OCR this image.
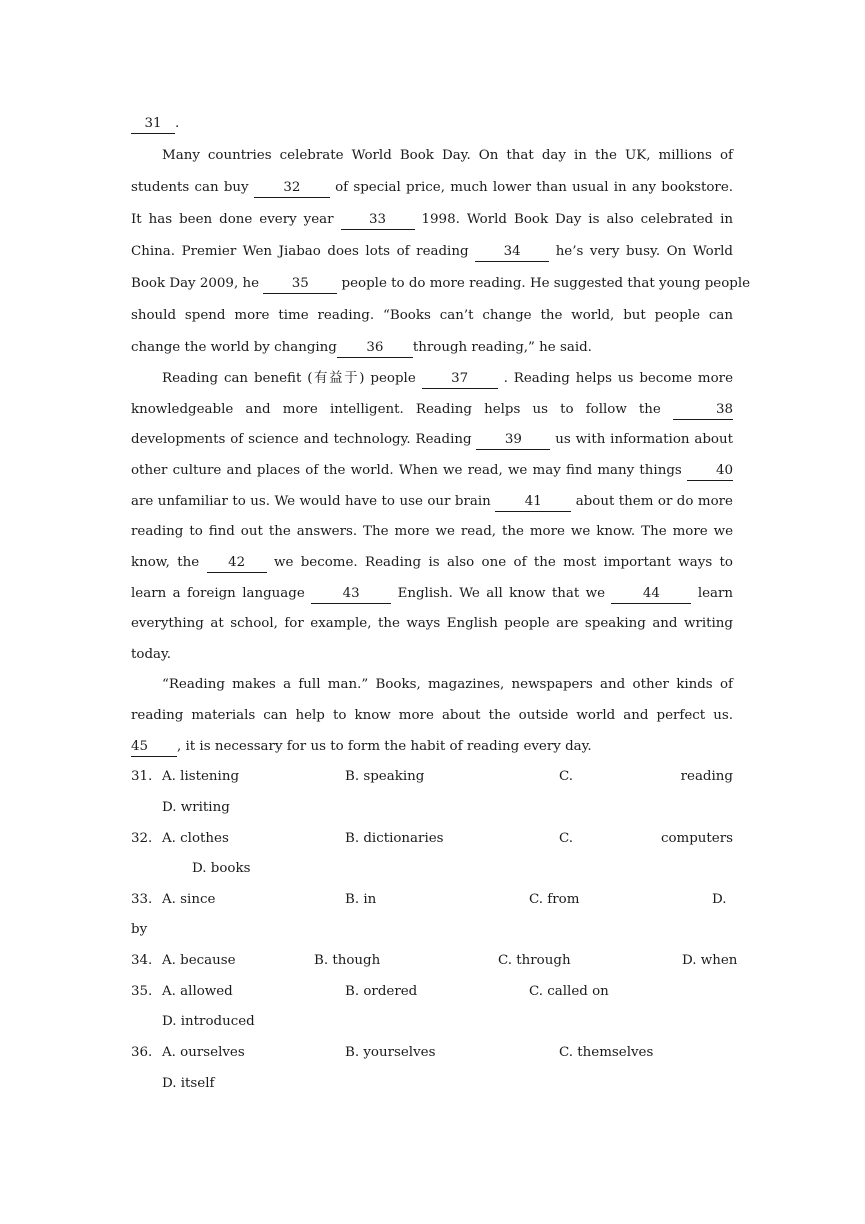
31 .
Many countries celebrate World Book Day. On that day in the UK, millions of
students can buy	32	of special price, much lower than usual in any bookstore.
It has been done every year	33	1998. World Book Day is also celebrated in
China. Premier Wen Jiabao does lots of reading	34	he’s very busy. On World
Book Day 2009, he 35 people to do more reading. He suggested that young people
should spend more time reading. “Books can’t change the world, but people can
change the world by changing 36 through reading,” he said.
Reading can benefit (有益于) people	37	. Reading helps us become more
knowledgeable and more intelligent. Reading helps us to follow the	38
developments of science and technology. Reading 39 us with information about
other culture and places of the world. When we read, we may find many things	40
are unfamiliar to us. We would have to use our brain	41	about them or do more
reading to find out the answers. The more we read, the more we know. The more we
know, the 42 we become. Reading is also one of the most important ways to
learn a foreign language	43	English. We all know that we	44	learn
everything at school, for example, the ways English people are speaking and writing
today.
“Reading makes a full man.” Books, magazines, newspapers and other kinds of
reading materials can help to know more about the outside world and perfect us.
45 , it is necessary for us to form the habit of reading every day.
31. A. listening	B. speaking	C.	reading
D. writing
32. A. clothes	B. dictionaries	C.	computers
D. books
33. A. since	B. in	C. from	D.
by
34. A. because	B. though	C. through	D. when
35. A. allowed	B. ordered	C. called on
D. introduced
36. A. ourselves	B. yourselves	C. themselves
D. itself
